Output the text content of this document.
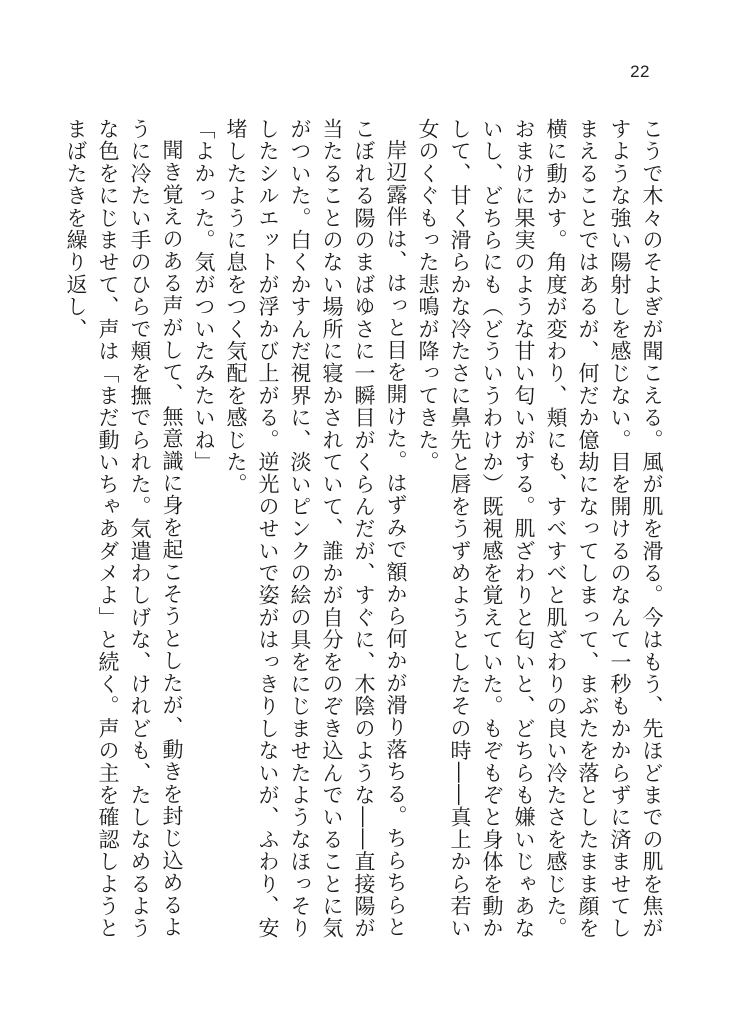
22

こうで木々のそよぎが聞こえる。風が肌を滑る。今はもう、先ほどまでの肌を焦がすような強い陽射しを感じない。目を開けるのなんて一秒もかからずに済ませてしまえることではあるが、何だか億劫になってしまって、まぶたを落としたまま顔を横に動かす。角度が変わり、頬にも、すべすべと肌ざわりの良い冷たさを感じた。おまけに果実のような甘い匂いがする。肌ざわりと匂いと、どちらも嫌いじゃあないし、どちらにも（どういうわけか）既視感を覚えていた。もぞもぞと身体を動かして、甘く滑らかな冷たさに鼻先と唇をうずめようとしたその時――真上から若い女のくぐもった悲鳴が降ってきた。

岸辺露伴は、はっと目を開けた。はずみで額から何かが滑り落ちる。ちらちらとこぼれる陽のまばゆさに一瞬目がくらんだが、すぐに、木陰のような――直接陽が当たることのない場所に寝かされていて、誰かが自分をのぞき込んでいることに気がついた。白くかすんだ視界に、淡いピンクの絵の具をにじませたようなほっそりしたシルエットが浮かび上がる。逆光のせいで姿がはっきりしないが、ふわり、安堵したように息をつく気配を感じた。

「よかった。気がついたみたいね」

聞き覚えのある声がして、無意識に身を起こそうとしたが、動きを封じ込めるように冷たい手のひらで頬を撫でられた。気遣わしげな、けれども、たしなめるような色をにじませて、声は「まだ動いちゃあダメよ」と続く。声の主を確認しようとまばたきを繰り返し、
